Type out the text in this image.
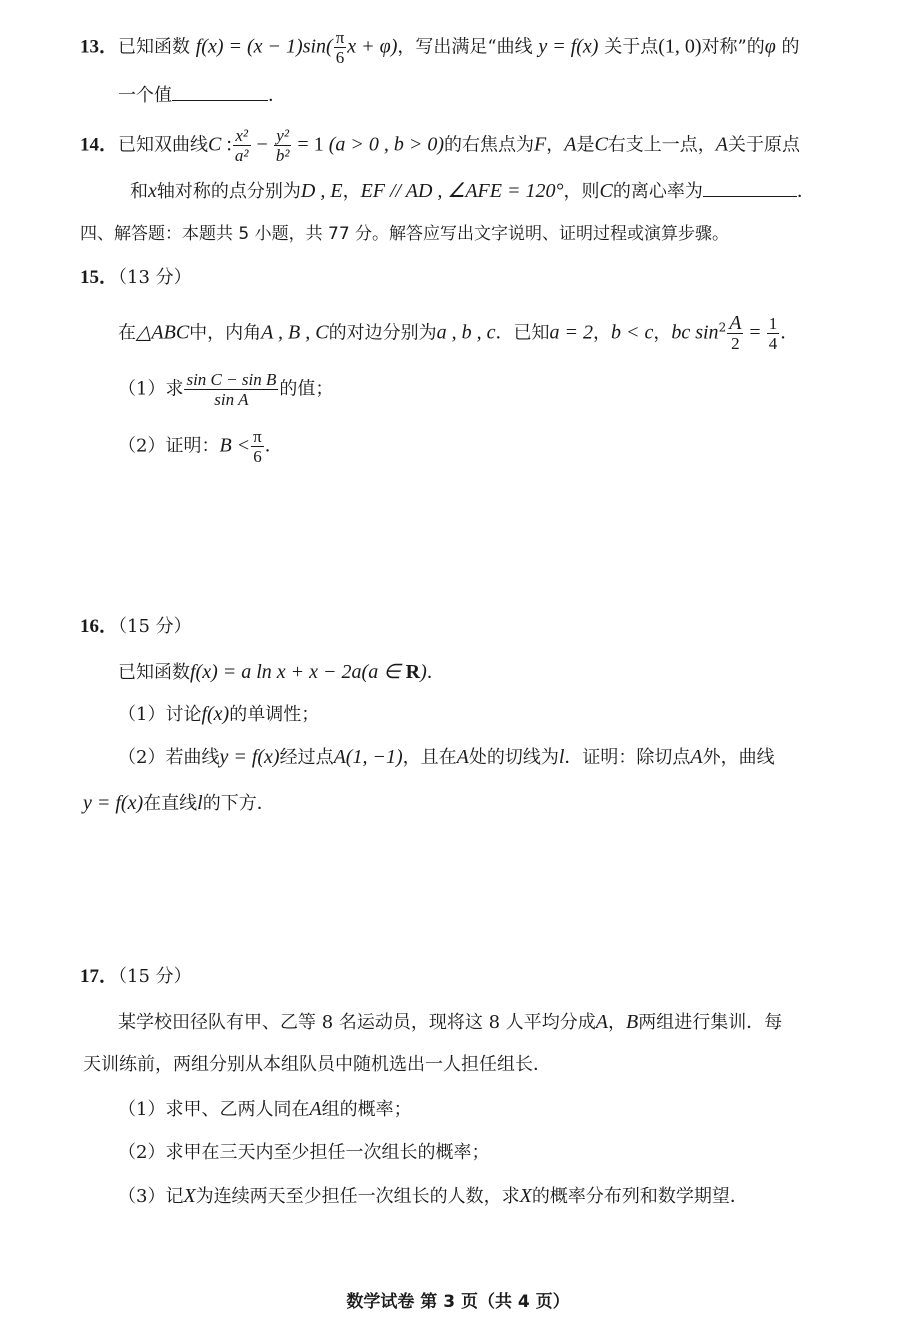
13．已知函数 $f(x) = (x - 1)\sin( \frac{\pi}{6}$ x + φ)，写出满足“曲线 y = f(x) 关于点(1, 0)对称”的φ 的
一个值	．
14．已知双曲线C : $\frac{\text{x²}}{\text{a²}} - \frac{\text{y²}}{\text{b²}} = 1$ (a > 0 , b > 0)的右焦点为F，A是C右支上一点，A关于原点
和x轴对称的点分别为D , E，EF // AD , ∠AFE = 120°，则C的离心率为	．
四、解答题：本题共 5 小题，共 77 分。解答应写出文字说明、证明过程或演算步骤。
15．（13 分）
在△ABC中，内角A , B , C的对边分别为a , b , c．已知a = 2，b < c，bc $\sin^2 \frac{A}{2} = \frac{1}{4}$ ．
（1）求 $\frac{\text{sin C − sin B}}{\text{sin A}}$ 的值；
（2）证明：$B < \frac{\pi}{6}$ ．
16．（15 分）
已知函数f(x) = a ln x + x − 2a(a ∈ R)．
（1）讨论f(x)的单调性；
（2）若曲线y = f(x)经过点A(1, −1)，且在A处的切线为l．证明：除切点A外，曲线
y = f(x)在直线l的下方．
17．（15 分）
某学校田径队有甲、乙等 8 名运动员，现将这 8 人平均分成A，B两组进行集训．每
天训练前，两组分别从本组队员中随机选出一人担任组长．
（1）求甲、乙两人同在A组的概率；
（2）求甲在三天内至少担任一次组长的概率；
（3）记X为连续两天至少担任一次组长的人数，求X的概率分布列和数学期望．
数学试卷 第 3 页（共 4 页）
